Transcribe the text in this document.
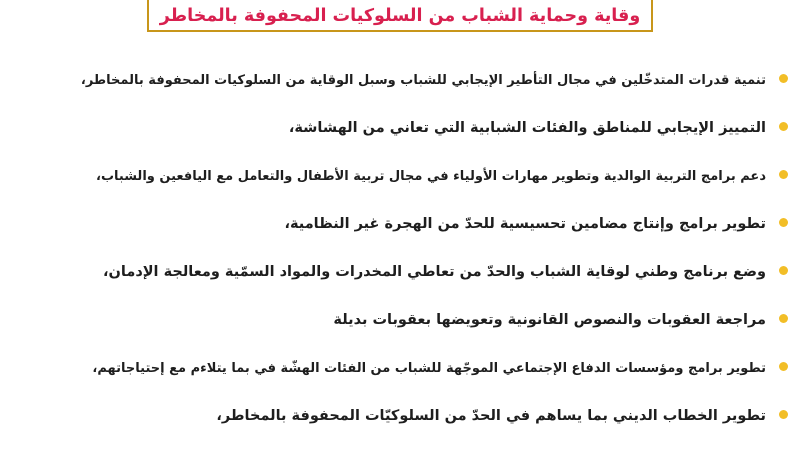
وقاية وحماية الشباب من السلوكيات المحفوفة بالمخاطر
تنمية قدرات المتدخّلين في مجال التأطير الإيجابي للشباب وسبل الوقاية من السلوكيات المحفوفة بالمخاطر،
التمييز الإيجابي للمناطق والفئات الشبابية التي تعاني من الهشاشة،
دعم برامج التربية الوالدية وتطوير مهارات الأولياء في مجال تربية الأطفال والتعامل مع اليافعين والشباب،
تطوير برامج وإنتاج مضامين تحسيسية للحدّ من الهجرة غير النظامية،
وضع برنامج وطني لوقاية الشباب والحدّ من تعاطي المخدرات والمواد السمّية ومعالجة الإدمان،
مراجعة العقوبات والنصوص القانونية وتعويضها بعقوبات بديلة
تطوير برامج ومؤسسات الدفاع الإجتماعي الموجّهة للشباب من الفئات الهشّة في بما يتلاءم مع إحتياجاتهم،
تطوير الخطاب الديني بما يساهم في الحدّ من السلوكيّات المحفوفة بالمخاطر،
